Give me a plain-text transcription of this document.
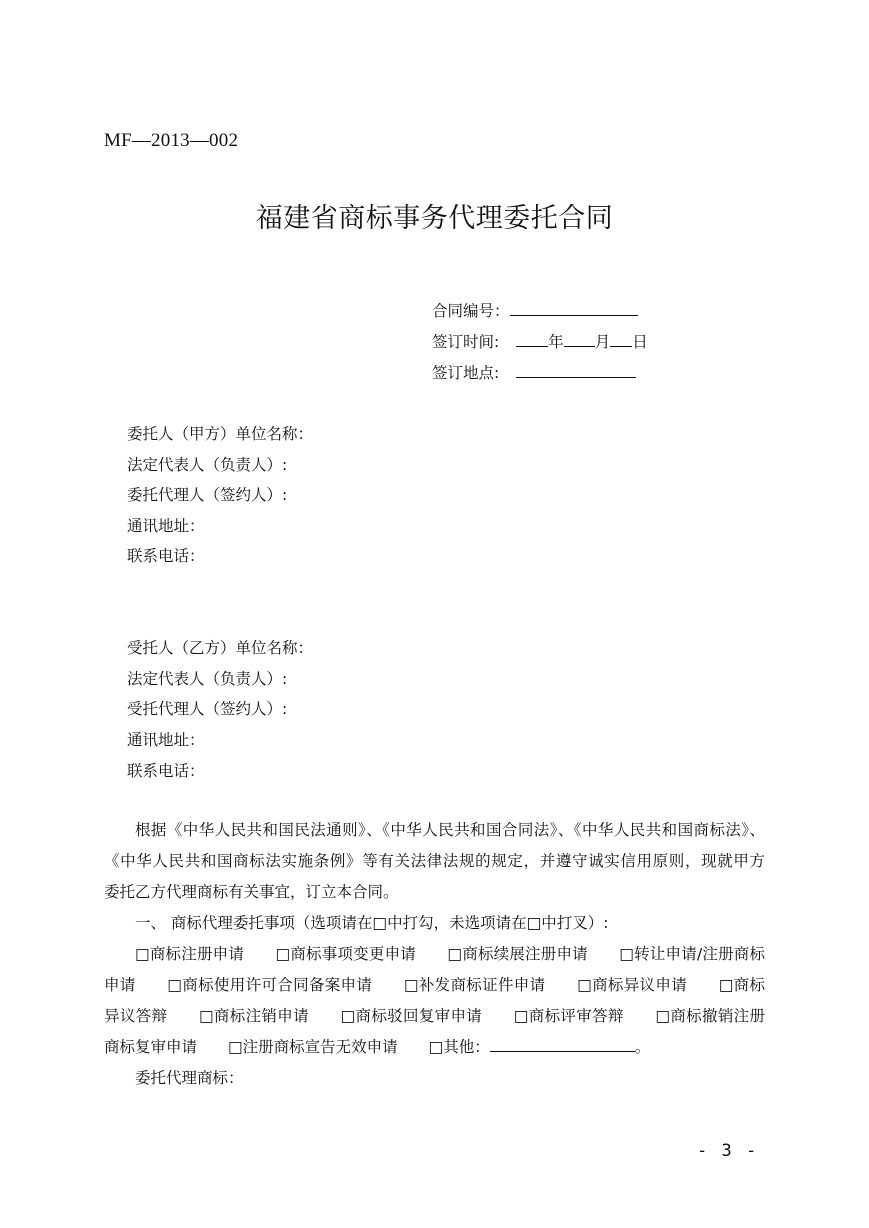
MF—2013—002
福建省商标事务代理委托合同
合同编号：
签订时间:	年 月 日
签订地点:
委托人（甲方）单位名称：
法定代表人（负责人）:
委托代理人（签约人）:
通讯地址：
联系电话：
受托人（乙方）单位名称：
法定代表人（负责人）:
受托代理人（签约人）:
通讯地址：
联系电话：
根据《中华人民共和国民法通则》、《中华人民共和国合同法》、《中华人民共和国商标法》、
《中华人民共和国商标法实施条例》等有关法律法规的规定，并遵守诚实信用原则，现就甲方
委托乙方代理商标有关事宜，订立本合同。
一、 商标代理委托事项（选项请在□中打勾，未选项请在□中打叉）:
□商标注册申请　　□商标事项变更申请　　□商标续展注册申请　　□转让申请/注册商标
申请　　□商标使用许可合同备案申请　　□补发商标证件申请　　□商标异议申请　　□商标
异议答辩　　□商标注销申请　　□商标驳回复审申请　　□商标评审答辩　　□商标撤销注册
商标复审申请　　□注册商标宣告无效申请　　□其他：	。
委托代理商标：
- 3 -
